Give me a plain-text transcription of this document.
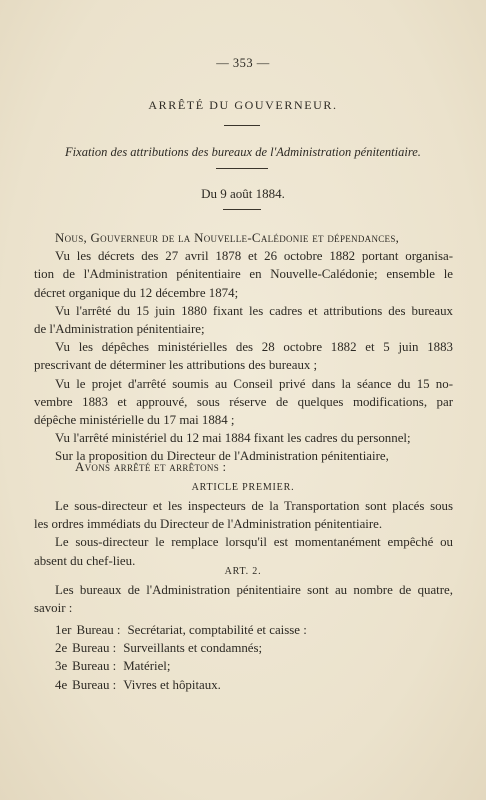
— 353 —
ARRÊTÉ DU GOUVERNEUR.
Fixation des attributions des bureaux de l'Administration pénitentiaire.
Du 9 août 1884.
Nous, Gouverneur de la Nouvelle-Calédonie et dépendances,
Vu les décrets des 27 avril 1878 et 26 octobre 1882 portant organisa-
tion de l'Administration pénitentiaire en Nouvelle-Calédonie; ensemble le
décret organique du 12 décembre 1874;
Vu l'arrêté du 15 juin 1880 fixant les cadres et attributions des bureaux
de l'Administration pénitentiaire;
Vu les dépêches ministérielles des 28 octobre 1882 et 5 juin 1883
prescrivant de déterminer les attributions des bureaux ;
Vu le projet d'arrêté soumis au Conseil privé dans la séance du 15 no-
vembre 1883 et approuvé, sous réserve de quelques modifications, par
dépêche ministérielle du 17 mai 1884 ;
Vu l'arrêté ministériel du 12 mai 1884 fixant les cadres du personnel;
Sur la proposition du Directeur de l'Administration pénitentiaire,
Avons arrêté et arrêtons :
ARTICLE PREMIER.
Le sous-directeur et les inspecteurs de la Transportation sont placés sous
les ordres immédiats du Directeur de l'Administration pénitentiaire.
Le sous-directeur le remplace lorsqu'il est momentanément empêché ou
absent du chef-lieu.
ART. 2.
Les bureaux de l'Administration pénitentiaire sont au nombre de quatre,
savoir :
1er Bureau : Secrétariat, comptabilité et caisse :
2e Bureau : Surveillants et condamnés;
3e Bureau : Matériel;
4e Bureau : Vivres et hôpitaux.
